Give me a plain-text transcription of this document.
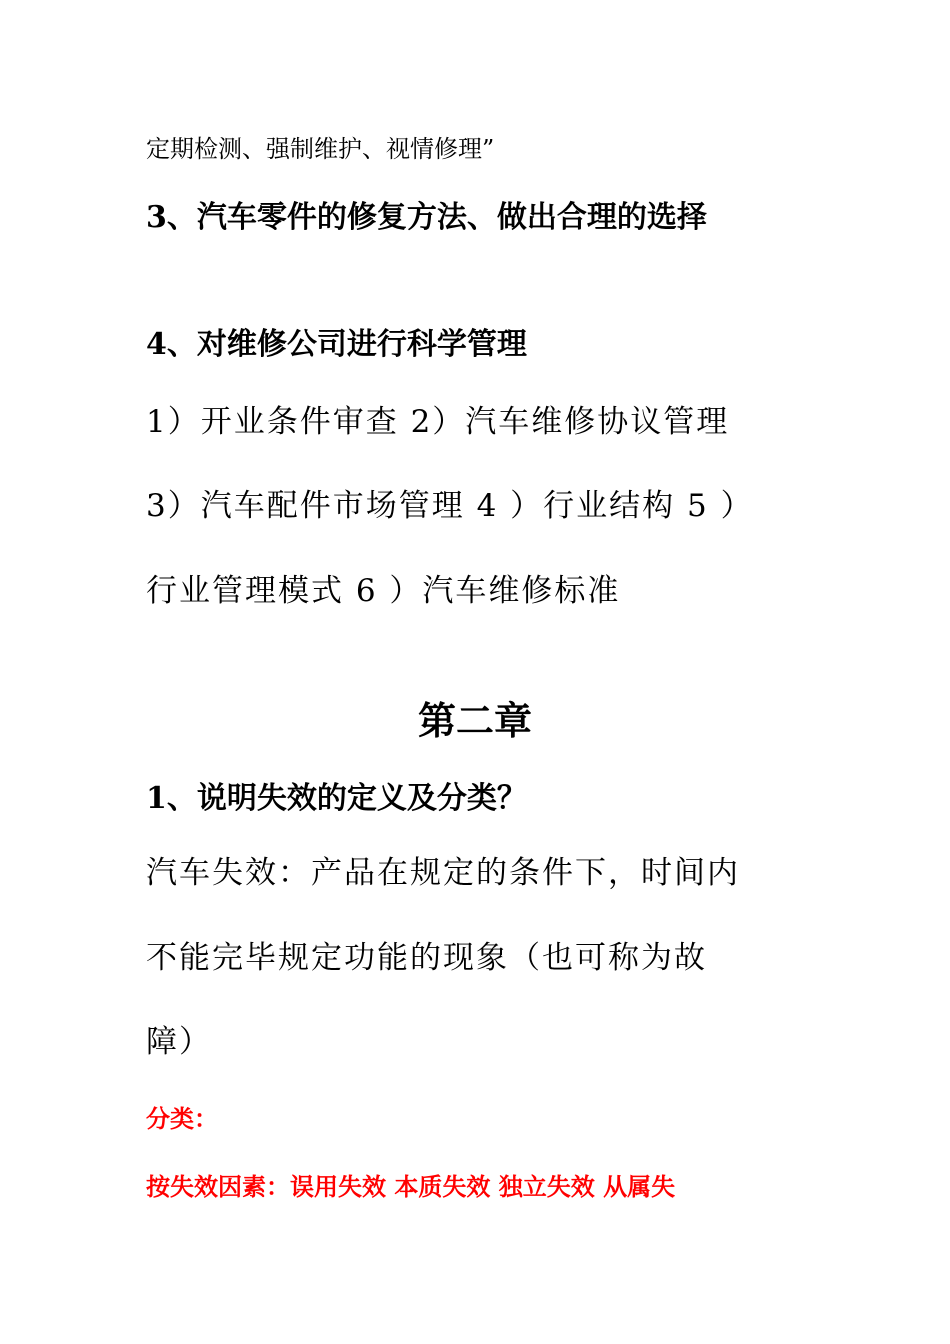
定期检测、强制维护、视情修理”
3、汽车零件的修复方法、做出合理的选择
4、对维修公司进行科学管理
1）开业条件审查 2）汽车维修协议管理
3）汽车配件市场管理 4 ）行业结构 5 ）
行业管理模式 6 ）汽车维修标准
第二章
1、说明失效的定义及分类？
汽车失效：产品在规定的条件下，时间内
不能完毕规定功能的现象（也可称为故
障）
分类：
按失效因素：误用失效 本质失效 独立失效 从属失
